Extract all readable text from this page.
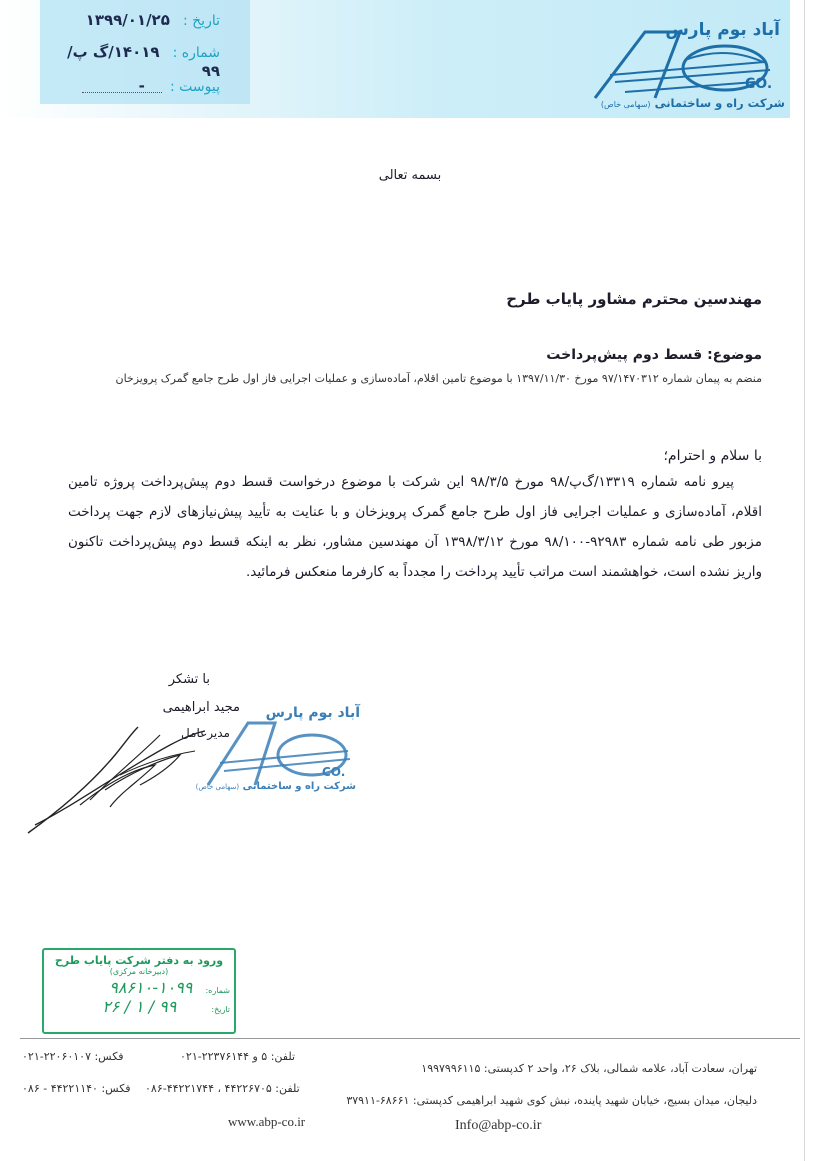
تاریخ : ۱۳۹۹/۰۱/۲۵
شماره : ۱۴۰۱۹/گ پ/۹۹
پیوست : -
آباد بوم پارس
CO.
شرکت راه و ساختمانی (سهامی خاص)
بسمه تعالی
مهندسین محترم مشاور پایاب طرح
موضوع: قسط دوم پیش‌پرداخت
منضم به پیمان شماره ۹۷/۱۴۷۰۳۱۲ مورخ ۱۳۹۷/۱۱/۳۰ با موضوع تامین اقلام، آماده‌سازی و عملیات اجرایی فاز اول طرح جامع گمرک پرویزخان
با سلام و احترام؛
پیرو نامه شماره ۱۳۳۱۹/گ‌پ/۹۸ مورخ ۹۸/۳/۵ این شرکت با موضوع درخواست قسط دوم پیش‌پرداخت پروژه تامین اقلام، آماده‌سازی و عملیات اجرایی فاز اول طرح جامع گمرک پرویزخان و با عنایت به تأیید پیش‌نیازهای لازم جهت پرداخت مزبور طی نامه شماره ۹۲۹۸۳-۹۸/۱۰۰ مورخ ۱۳۹۸/۳/۱۲ آن مهندسین مشاور، نظر به اینکه قسط دوم پیش‌پرداخت تاکنون واریز نشده است، خواهشمند است مراتب تأیید پرداخت را مجدداً به کارفرما منعکس فرمائید.
با تشکر
مجید ابراهیمی
مدیرعامل
آباد بوم پارس
CO.
شرکت راه و ساختمانی (سهامی خاص)
ورود به دفتر شرکت پایاب طرح
(دبیرخانه مرکزی)
شماره: ۱۰۹۹-۹۸۶۱۰
تاریخ: ۹۹ / ۱ / ۲۶
تهران، سعادت آباد، علامه شمالی، بلاک ۲۶، واحد ۲ کدپستی: ۱۹۹۷۹۹۶۱۱۵
تلفن: ۵ و ۲۲۳۷۶۱۴۴-۰۲۱
فکس: ۲۲۰۶۰۱۰۷-۰۲۱
دلیجان، میدان بسیج، خیابان شهید پاینده، نبش کوی شهید ابراهیمی کدپستی: ۶۸۶۶۱-۳۷۹۱۱
تلفن: ۴۴۲۲۶۷۰۵ ، ۴۴۲۲۱۷۴۴-۰۸۶
فکس: ۴۴۲۲۱۱۴۰ - ۰۸۶
www.abp-co.ir	Info@abp-co.ir
